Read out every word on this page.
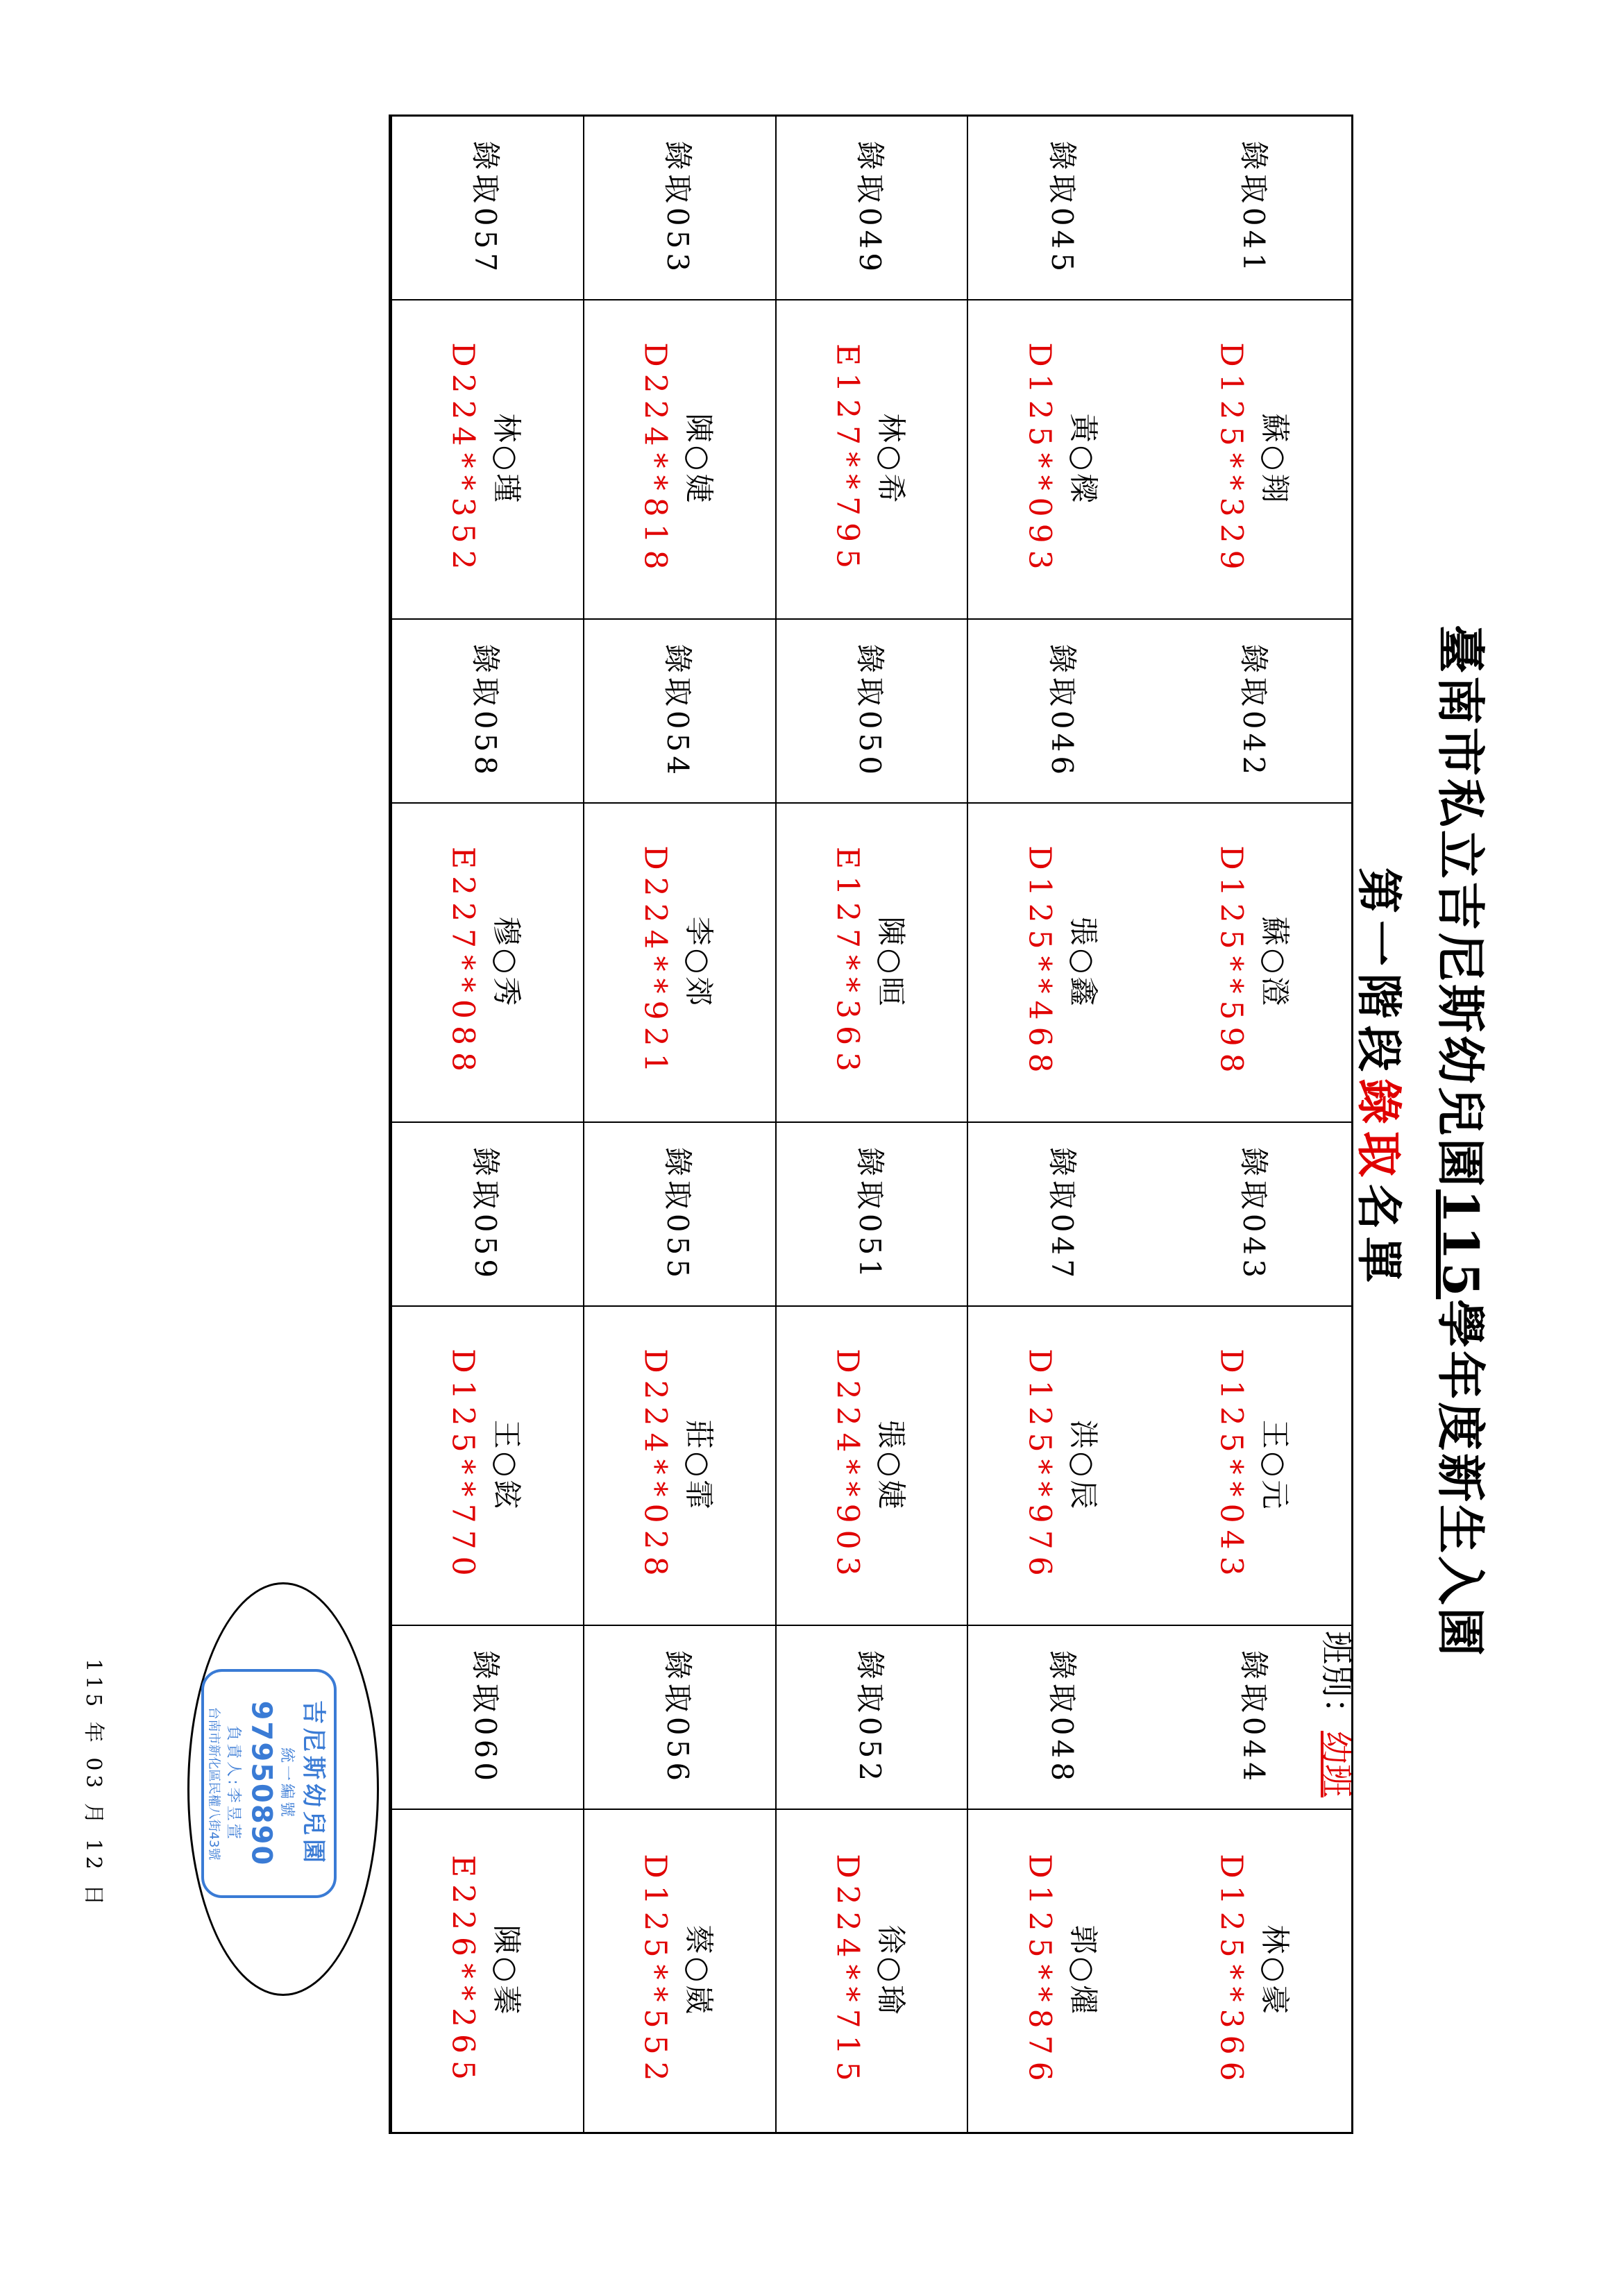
臺南市私立吉尼斯幼兒園115學年度新生入園
第一階段錄取名單
班別：幼班
錄取041
蘇○翔
D125**329
錄取042
蘇○澄
D125**598
錄取043
王○元
D125**043
錄取044
林○豪
D125**366
錄取045
黃○樑
D125**093
錄取046
張○鑫
D125**468
錄取047
洪○辰
D125**976
錄取048
郭○燿
D125**876
錄取049
林○希
E127**795
錄取050
陳○晅
E127**363
錄取051
張○婕
D224**903
錄取052
徐○瑜
D224**715
錄取053
陳○婕
D224**818
錄取054
李○郊
D224**921
錄取055
莊○霏
D224**028
錄取056
蔡○崴
D125**552
錄取057
林○瑾
D224**352
錄取058
穆○秀
E227**088
錄取059
王○鉉
D125**770
錄取060
陳○蓁
E226**265
吉尼斯幼兒園
統一編號
97950890
負責人:李昱萱
台南市新化區民權八街43號
115 年 03 月 12 日
